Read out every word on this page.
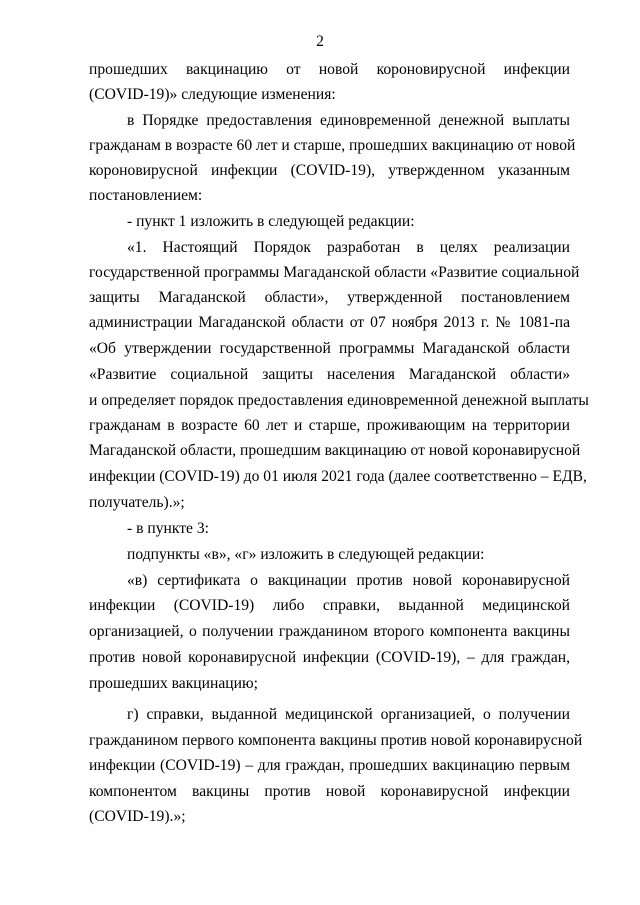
2
прошедших вакцинацию от новой короновирусной инфекции
(COVID-19)» следующие изменения:
в Порядке предоставления единовременной денежной выплаты
гражданам в возрасте 60 лет и старше, прошедших вакцинацию от новой
короновирусной инфекции (COVID-19), утвержденном указанным
постановлением:
- пункт 1 изложить в следующей редакции:
«1. Настоящий Порядок разработан в целях реализации
государственной программы Магаданской области «Развитие социальной
защиты Магаданской области», утвержденной постановлением
администрации Магаданской области от 07 ноября 2013 г. № 1081-па
«Об утверждении государственной программы Магаданской области
«Развитие социальной защиты населения Магаданской области»
и определяет порядок предоставления единовременной денежной выплаты
гражданам в возрасте 60 лет и старше, проживающим на территории
Магаданской области, прошедшим вакцинацию от новой коронавирусной
инфекции (COVID-19) до 01 июля 2021 года (далее соответственно – ЕДВ,
получатель).»;
- в пункте 3:
подпункты «в», «г» изложить в следующей редакции:
«в) сертификата о вакцинации против новой коронавирусной
инфекции (COVID-19) либо справки, выданной медицинской
организацией, о получении гражданином второго компонента вакцины
против новой коронавирусной инфекции (COVID-19), – для граждан,
прошедших вакцинацию;
г) справки, выданной медицинской организацией, о получении
гражданином первого компонента вакцины против новой коронавирусной
инфекции (COVID-19) – для граждан, прошедших вакцинацию первым
компонентом вакцины против новой коронавирусной инфекции
(COVID-19).»;
